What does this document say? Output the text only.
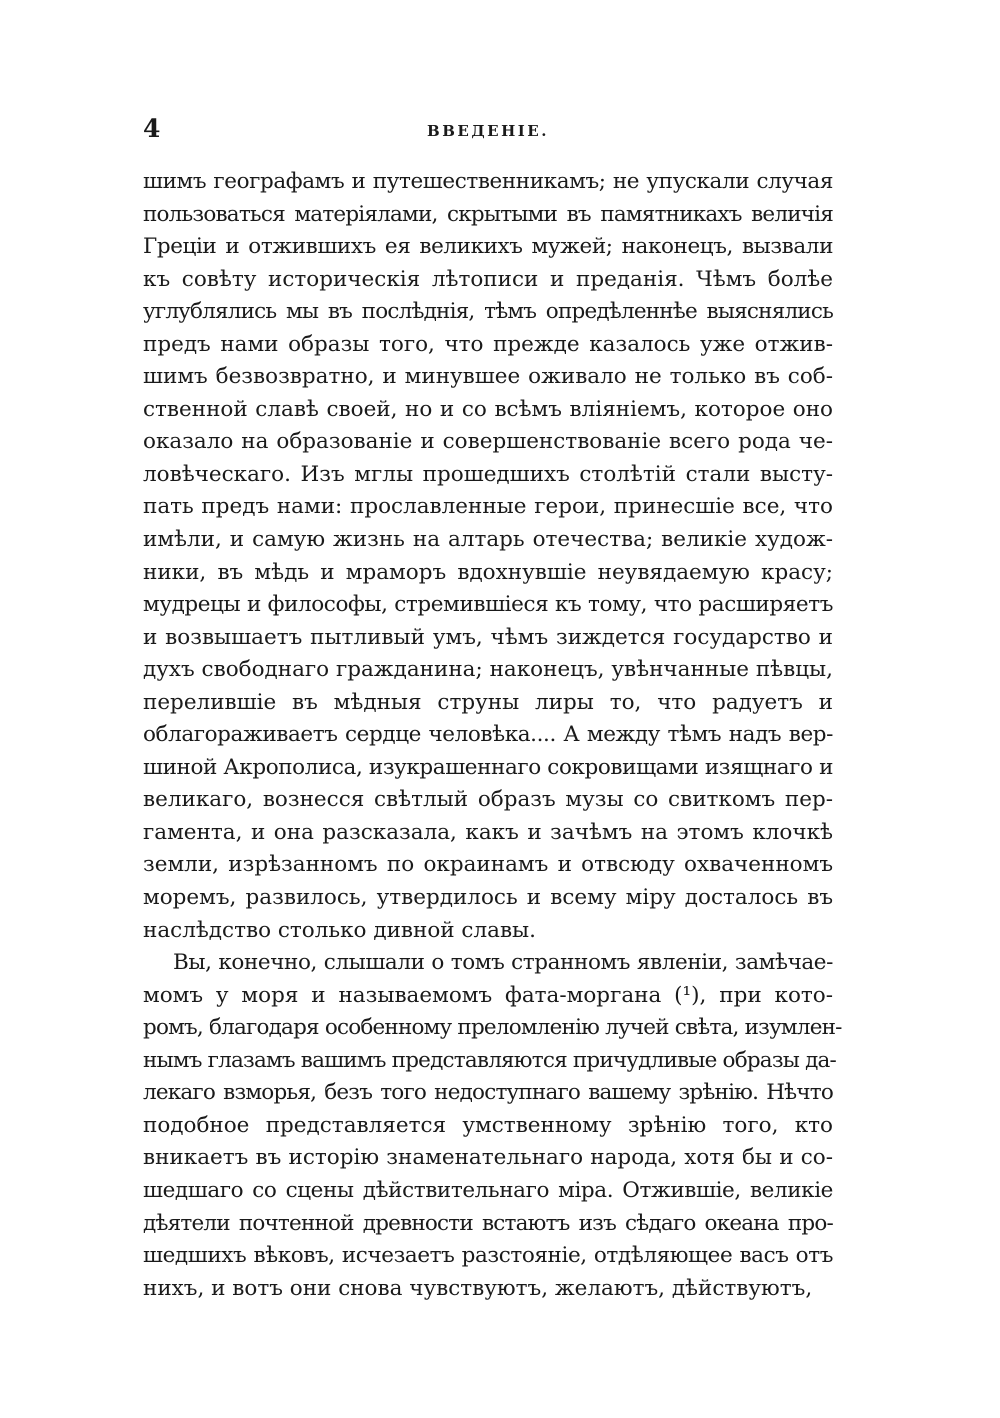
4	ВВЕДЕНІЕ.
шимъ географамъ и путешественникамъ; не упускали случая
пользоваться матеріялами, скрытыми въ памятникахъ величія
Греціи и отжившихъ ея великихъ мужей; наконецъ, вызвали
къ совѣту историческія лѣтописи и преданія. Чѣмъ болѣе
углублялись мы въ послѣднія, тѣмъ опредѣленнѣе выяснялись
предъ нами образы того, что прежде казалось уже отжив-
шимъ безвозвратно, и минувшее оживало не только въ соб-
ственной славѣ своей, но и со всѣмъ вліяніемъ, которое оно
оказало на образованіе и совершенствованіе всего рода че-
ловѣческаго. Изъ мглы прошедшихъ столѣтій стали высту-
пать предъ нами: прославленные герои, принесшіе все, что
имѣли, и самую жизнь на алтарь отечества; великіе худож-
ники, въ мѣдь и мраморъ вдохнувшіе неувядаемую красу;
мудрецы и философы, стремившіеся къ тому, что расширяетъ
и возвышаетъ пытливый умъ, чѣмъ зиждется государство и
духъ свободнаго гражданина; наконецъ, увѣнчанные пѣвцы,
перелившіе въ мѣдныя струны лиры то, что радуетъ и
облагораживаетъ сердце человѣка.... А между тѣмъ надъ вер-
шиной Акрополиса, изукрашеннаго сокровищами изящнаго и
великаго, вознесся свѣтлый образъ музы со свиткомъ пер-
гамента, и она разсказала, какъ и зачѣмъ на этомъ клочкѣ
земли, изрѣзанномъ по окраинамъ и отвсюду охваченномъ
моремъ, развилось, утвердилось и всему міру досталось въ
наслѣдство столько дивной славы.
Вы, конечно, слышали о томъ странномъ явленіи, замѣчае-
момъ у моря и называемомъ фата-моргана (¹), при кото-
ромъ, благодаря особенному преломленію лучей свѣта, изумлен-
нымъ глазамъ вашимъ представляются причудливые образы да-
лекаго взморья, безъ того недоступнаго вашему зрѣнію. Нѣчто
подобное представляется умственному зрѣнію того, кто
вникаетъ въ исторію знаменательнаго народа, хотя бы и со-
шедшаго со сцены дѣйствительнаго міра. Отжившіе, великіе
дѣятели почтенной древности встаютъ изъ сѣдаго океана про-
шедшихъ вѣковъ, исчезаетъ разстояніе, отдѣляющее васъ отъ
нихъ, и вотъ они снова чувствуютъ, желаютъ, дѣйствуютъ,
